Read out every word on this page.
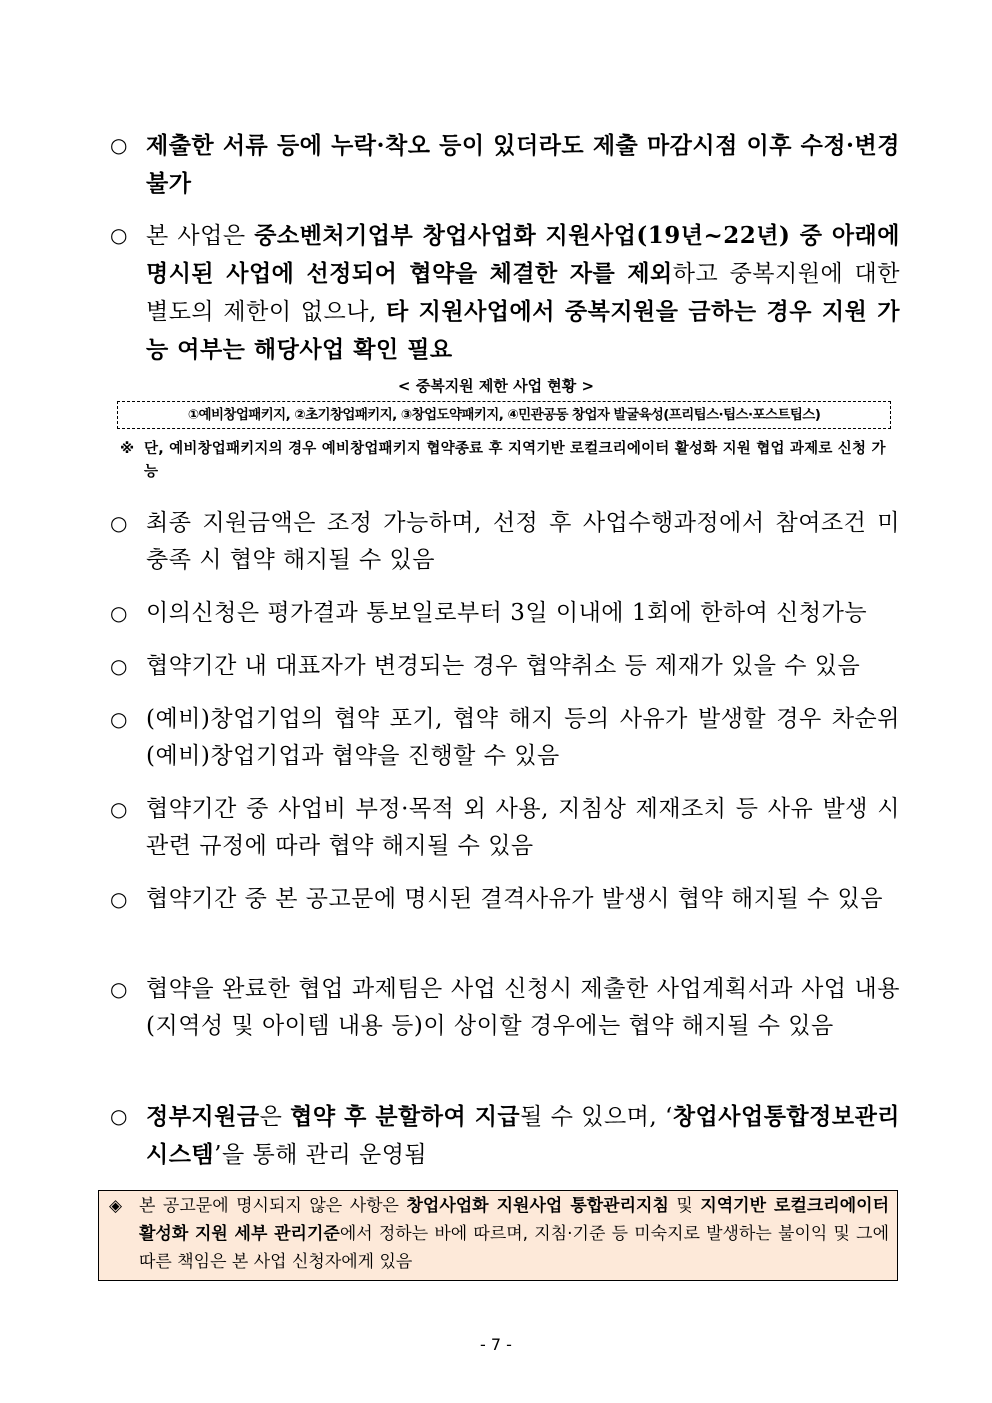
○ 제출한 서류 등에 누락·착오 등이 있더라도 제출 마감시점 이후 수정·변경 불가
○ 본 사업은 중소벤처기업부 창업사업화 지원사업(19년~22년) 중 아래에 명시된 사업에 선정되어 협약을 체결한 자를 제외하고 중복지원에 대한 별도의 제한이 없으나, 타 지원사업에서 중복지원을 금하는 경우 지원 가능 여부는 해당사업 확인 필요
< 중복지원 제한 사업 현황 >
①예비창업패키지, ②초기창업패키지, ③창업도약패키지, ④민관공동 창업자 발굴육성(프리팁스·팁스·포스트팁스)
※ 단, 예비창업패키지의 경우 예비창업패키지 협약종료 후 지역기반 로컬크리에이터 활성화 지원 협업 과제로 신청 가능
○ 최종 지원금액은 조정 가능하며, 선정 후 사업수행과정에서 참여조건 미 충족 시 협약 해지될 수 있음
○ 이의신청은 평가결과 통보일로부터 3일 이내에 1회에 한하여 신청가능
○ 협약기간 내 대표자가 변경되는 경우 협약취소 등 제재가 있을 수 있음
○ (예비)창업기업의 협약 포기, 협약 해지 등의 사유가 발생할 경우 차순위(예비)창업기업과 협약을 진행할 수 있음
○ 협약기간 중 사업비 부정·목적 외 사용, 지침상 제재조치 등 사유 발생 시 관련 규정에 따라 협약 해지될 수 있음
○ 협약기간 중 본 공고문에 명시된 결격사유가 발생시 협약 해지될 수 있음
○ 협약을 완료한 협업 과제팀은 사업 신청시 제출한 사업계획서과 사업 내용(지역성 및 아이템 내용 등)이 상이할 경우에는 협약 해지될 수 있음
○ 정부지원금은 협약 후 분할하여 지급될 수 있으며, ‘창업사업통합정보관리시스템’을 통해 관리 운영됨
◈ 본 공고문에 명시되지 않은 사항은 창업사업화 지원사업 통합관리지침 및 지역기반 로컬크리에이터 활성화 지원 세부 관리기준에서 정하는 바에 따르며, 지침·기준 등 미숙지로 발생하는 불이익 및 그에 따른 책임은 본 사업 신청자에게 있음
- 7 -
